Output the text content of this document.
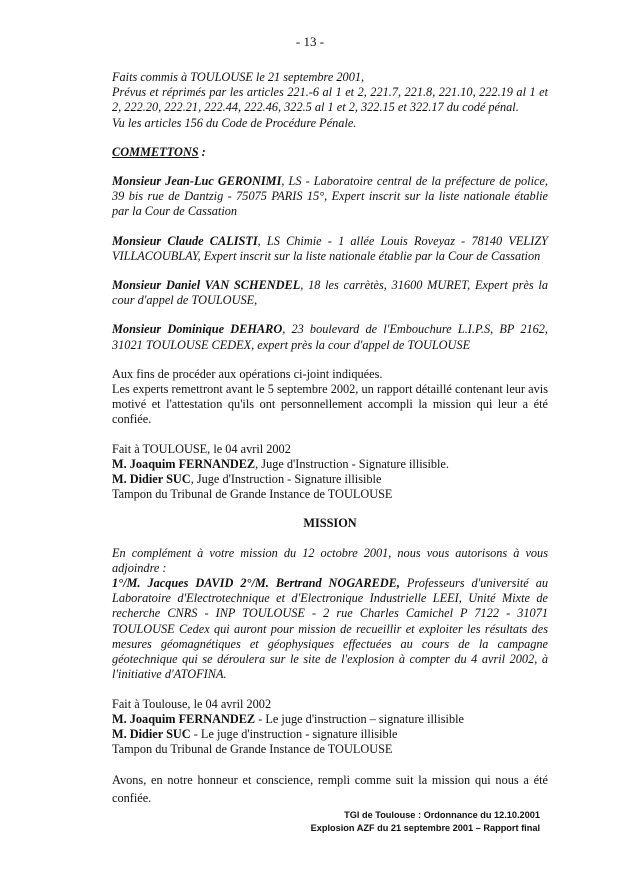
- 13 -
Faits commis à TOULOUSE le 21 septembre 2001,
Prévus et réprimés par les articles 221.-6 al 1 et 2, 221.7, 221.8, 221.10, 222.19 al 1 et 2, 222.20, 222.21, 222.44, 222.46, 322.5 al 1 et 2, 322.15 et 322.17 du codé pénal.
Vu les articles 156 du Code de Procédure Pénale.
COMMETTONS :
Monsieur Jean-Luc GERONIMI, LS - Laboratoire central de la préfecture de police, 39 bis rue de Dantzig - 75075 PARIS 15°, Expert inscrit sur la liste nationale établie par la Cour de Cassation
Monsieur Claude CALISTI, LS Chimie - 1 allée Louis Roveyaz - 78140 VELIZY VILLACOUBLAY, Expert inscrit sur la liste nationale établie par la Cour de Cassation
Monsieur Daniel VAN SCHENDEL, 18 les carrètès, 31600 MURET, Expert près la cour d'appel de TOULOUSE,
Monsieur Dominique DEHARO, 23 boulevard de l'Embouchure L.I.P.S, BP 2162, 31021 TOULOUSE CEDEX, expert près la cour d'appel de TOULOUSE
Aux fins de procéder aux opérations ci-joint indiquées.
Les experts remettront avant le 5 septembre 2002, un rapport détaillé contenant leur avis motivé et l'attestation qu'ils ont personnellement accompli la mission qui leur a été confiée.
Fait à TOULOUSE, le 04 avril 2002
M. Joaquim FERNANDEZ, Juge d'Instruction - Signature illisible.
M. Didier SUC, Juge d'Instruction - Signature illisible
Tampon du Tribunal de Grande Instance de TOULOUSE
MISSION
En complément à votre mission du 12 octobre 2001, nous vous autorisons à vous adjoindre :
1°/M. Jacques DAVID 2°/M. Bertrand NOGAREDE, Professeurs d'université au Laboratoire d'Electrotechnique et d'Electronique Industrielle LEEI, Unité Mixte de recherche CNRS - INP TOULOUSE - 2 rue Charles Camichel P 7122 - 31071 TOULOUSE Cedex qui auront pour mission de recueillir et exploiter les résultats des mesures géomagnétiques et géophysiques effectuées au cours de la campagne géotechnique qui se déroulera sur le site de l'explosion à compter du 4 avril 2002, à l'initiative d'ATOFINA.
Fait à Toulouse, le 04 avril 2002
M. Joaquim FERNANDEZ - Le juge d'instruction – signature illisible
M. Didier SUC - Le juge d'instruction - signature illisible
Tampon du Tribunal de Grande Instance de TOULOUSE
Avons, en notre honneur et conscience, rempli comme suit la mission qui nous a été confiée.
TGI de Toulouse : Ordonnance du 12.10.2001
Explosion AZF du 21 septembre 2001 – Rapport final
